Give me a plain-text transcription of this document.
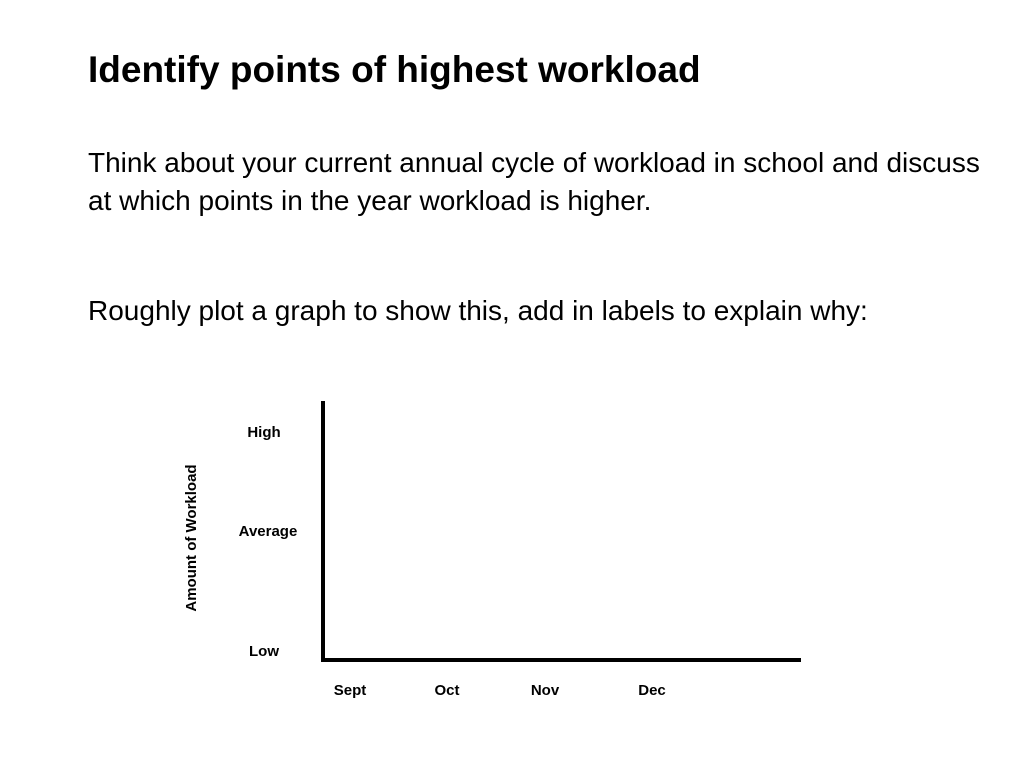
Identify points of highest workload

Think about your current annual cycle of workload in school and discuss at which points in the year workload is higher.

Roughly plot a graph to show this, add in labels to explain why:

Amount of Workload
Low
Average
High
Sept	Oct	Nov	Dec
